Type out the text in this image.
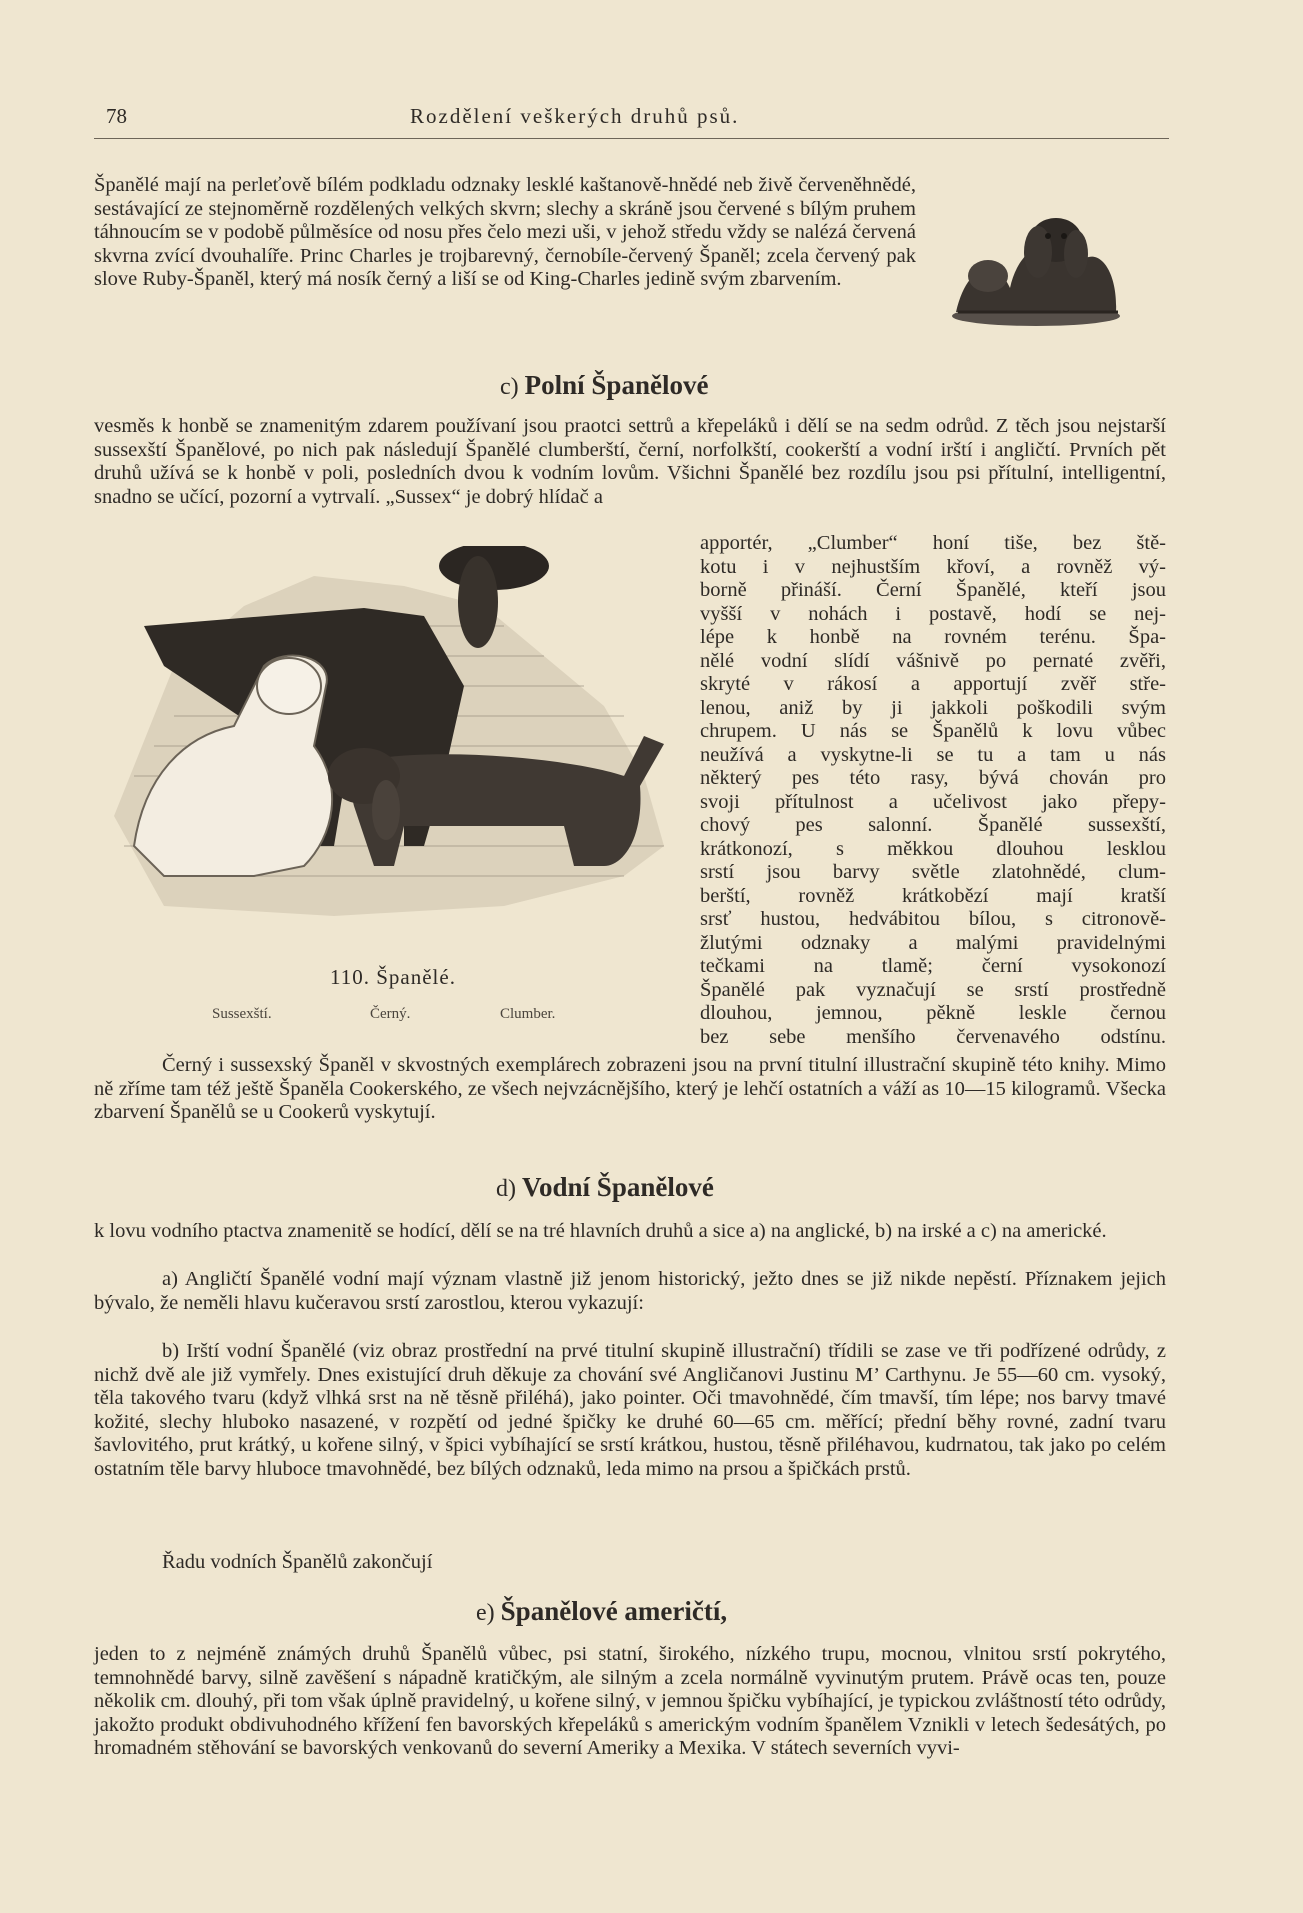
78	Rozdělení veškerých druhů psů.

Španělé mají na perleťově bílém podkladu odznaky lesklé kaštanově-hnědé neb živě červeněhnědé, sestávající ze stejnoměrně rozdělených velkých skvrn; slechy a skráně jsou červené s bílým pruhem táhnoucím se v podobě půlměsíce od nosu přes čelo mezi uši, v jehož středu vždy se nalézá červená skvrna zvící dvouhalíře. Princ Charles je trojbarevný, černobíle-červený Španěl; zcela červený pak slove Ruby-Španěl, který má nosík černý a liší se od King-Charles jedině svým zbarvením.

c) Polní Španělové

vesměs k honbě se znamenitým zdarem používaní jsou praotci settrů a křepeláků i dělí se na sedm odrůd. Z těch jsou nejstarší sussexští Španělové, po nich pak následují Španělé clumberští, černí, norfolkští, cookerští a vodní irští i angličtí. Prvních pět druhů užívá se k honbě v poli, posledních dvou k vodním lovům. Všichni Španělé bez rozdílu jsou psi přítulní, intelligentní, snadno se učící, pozorní a vytrvalí. „Sussex“ je dobrý hlídač a

110. Španělé.
Sussexští.	Černý.	Clumber.
apportér, „Clumber“ honí tiše, bez ště-
kotu i v nejhustším křoví, a rovněž vý-
borně přináší. Černí Španělé, kteří jsou
vyšší v nohách i postavě, hodí se nej-
lépe k honbě na rovném terénu. Špa-
nělé vodní slídí vášnivě po pernaté zvěři,
skryté v rákosí a apportují zvěř stře-
lenou, aniž by ji jakkoli poškodili svým
chrupem. U nás se Španělů k lovu vůbec
neužívá a vyskytne-li se tu a tam u nás
některý pes této rasy, bývá chován pro
svoji přítulnost a učelivost jako přepy-
chový pes salonní. Španělé sussexští,
krátkonozí, s měkkou dlouhou lesklou
srstí jsou barvy světle zlatohnědé, clum-
berští, rovněž krátkobězí mají kratší
srsť hustou, hedvábitou bílou, s citronově-
žlutými odznaky a malými pravidelnými
tečkami na tlamě; černí vysokonozí
Španělé pak vyznačují se srstí prostředně
dlouhou, jemnou, pěkně leskle černou
bez sebe menšího červenavého odstínu.

Černý i sussexský Španěl v skvostných exemplárech zobrazeni jsou na první titulní illustrační skupině této knihy. Mimo ně zříme tam též ještě Španěla Cookerského, ze všech nejvzácnějšího, který je lehčí ostatních a váží as 10—15 kilogramů. Všecka zbarvení Španělů se u Cookerů vyskytují.

d) Vodní Španělové

k lovu vodního ptactva znamenitě se hodící, dělí se na tré hlavních druhů a sice a) na anglické, b) na irské a c) na americké.

a) Angličtí Španělé vodní mají význam vlastně již jenom historický, ježto dnes se již nikde nepěstí. Příznakem jejich bývalo, že neměli hlavu kučeravou srstí zarostlou, kterou vykazují:

b) Irští vodní Španělé (viz obraz prostřední na prvé titulní skupině illustrační) třídili se zase ve tři podřízené odrůdy, z nichž dvě ale již vymřely. Dnes existující druh děkuje za chování své Angličanovi Justinu M’ Carthynu. Je 55—60 cm. vysoký, těla takového tvaru (když vlhká srst na ně těsně přiléhá), jako pointer. Oči tmavohnědé, čím tmavší, tím lépe; nos barvy tmavé kožité, slechy hluboko nasazené, v rozpětí od jedné špičky ke druhé 60—65 cm. měřící; přední běhy rovné, zadní tvaru šavlovitého, prut krátký, u kořene silný, v špici vybíhající se srstí krátkou, hustou, těsně přiléhavou, kudrnatou, tak jako po celém ostatním těle barvy hluboce tmavohnědé, bez bílých odznaků, leda mimo na prsou a špičkách prstů.

Řadu vodních Španělů zakončují

e) Španělové američtí,

jeden to z nejméně známých druhů Španělů vůbec, psi statní, širokého, nízkého trupu, mocnou, vlnitou srstí pokrytého, temnohnědé barvy, silně zavěšení s nápadně kratičkým, ale silným a zcela normálně vyvinutým prutem. Právě ocas ten, pouze několik cm. dlouhý, při tom však úplně pravidelný, u kořene silný, v jemnou špičku vybíhající, je typickou zvláštností této odrůdy, jakožto produkt obdivuhodného křížení fen bavorských křepeláků s americkým vodním španělem Vznikli v letech šedesátých, po hromadném stěhování se bavorských venkovanů do severní Ameriky a Mexika. V státech severních vyvi-
